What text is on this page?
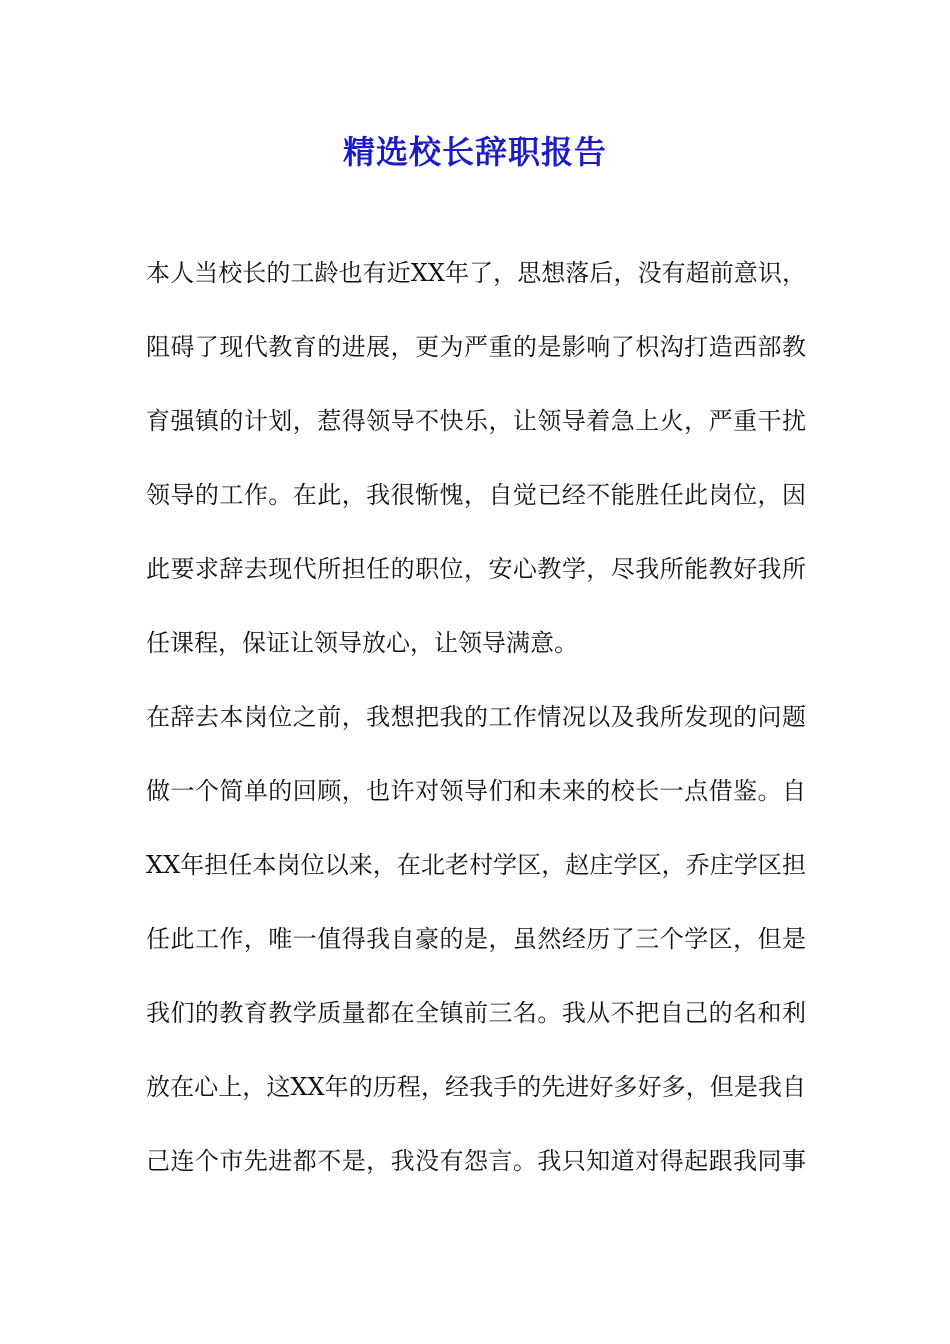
精选校长辞职报告
本人当校长的工龄也有近XX年了，思想落后，没有超前意识，
阻碍了现代教育的进展，更为严重的是影响了枳沟打造西部教
育强镇的计划，惹得领导不快乐，让领导着急上火，严重干扰
领导的工作。在此，我很惭愧，自觉已经不能胜任此岗位，因
此要求辞去现代所担任的职位，安心教学，尽我所能教好我所
任课程，保证让领导放心，让领导满意。
在辞去本岗位之前，我想把我的工作情况以及我所发现的问题
做一个简单的回顾，也许对领导们和未来的校长一点借鉴。自
XX年担任本岗位以来，在北老村学区，赵庄学区，乔庄学区担
任此工作，唯一值得我自豪的是，虽然经历了三个学区，但是
我们的教育教学质量都在全镇前三名。我从不把自己的名和利
放在心上，这XX年的历程，经我手的先进好多好多，但是我自
己连个市先进都不是，我没有怨言。我只知道对得起跟我同事
